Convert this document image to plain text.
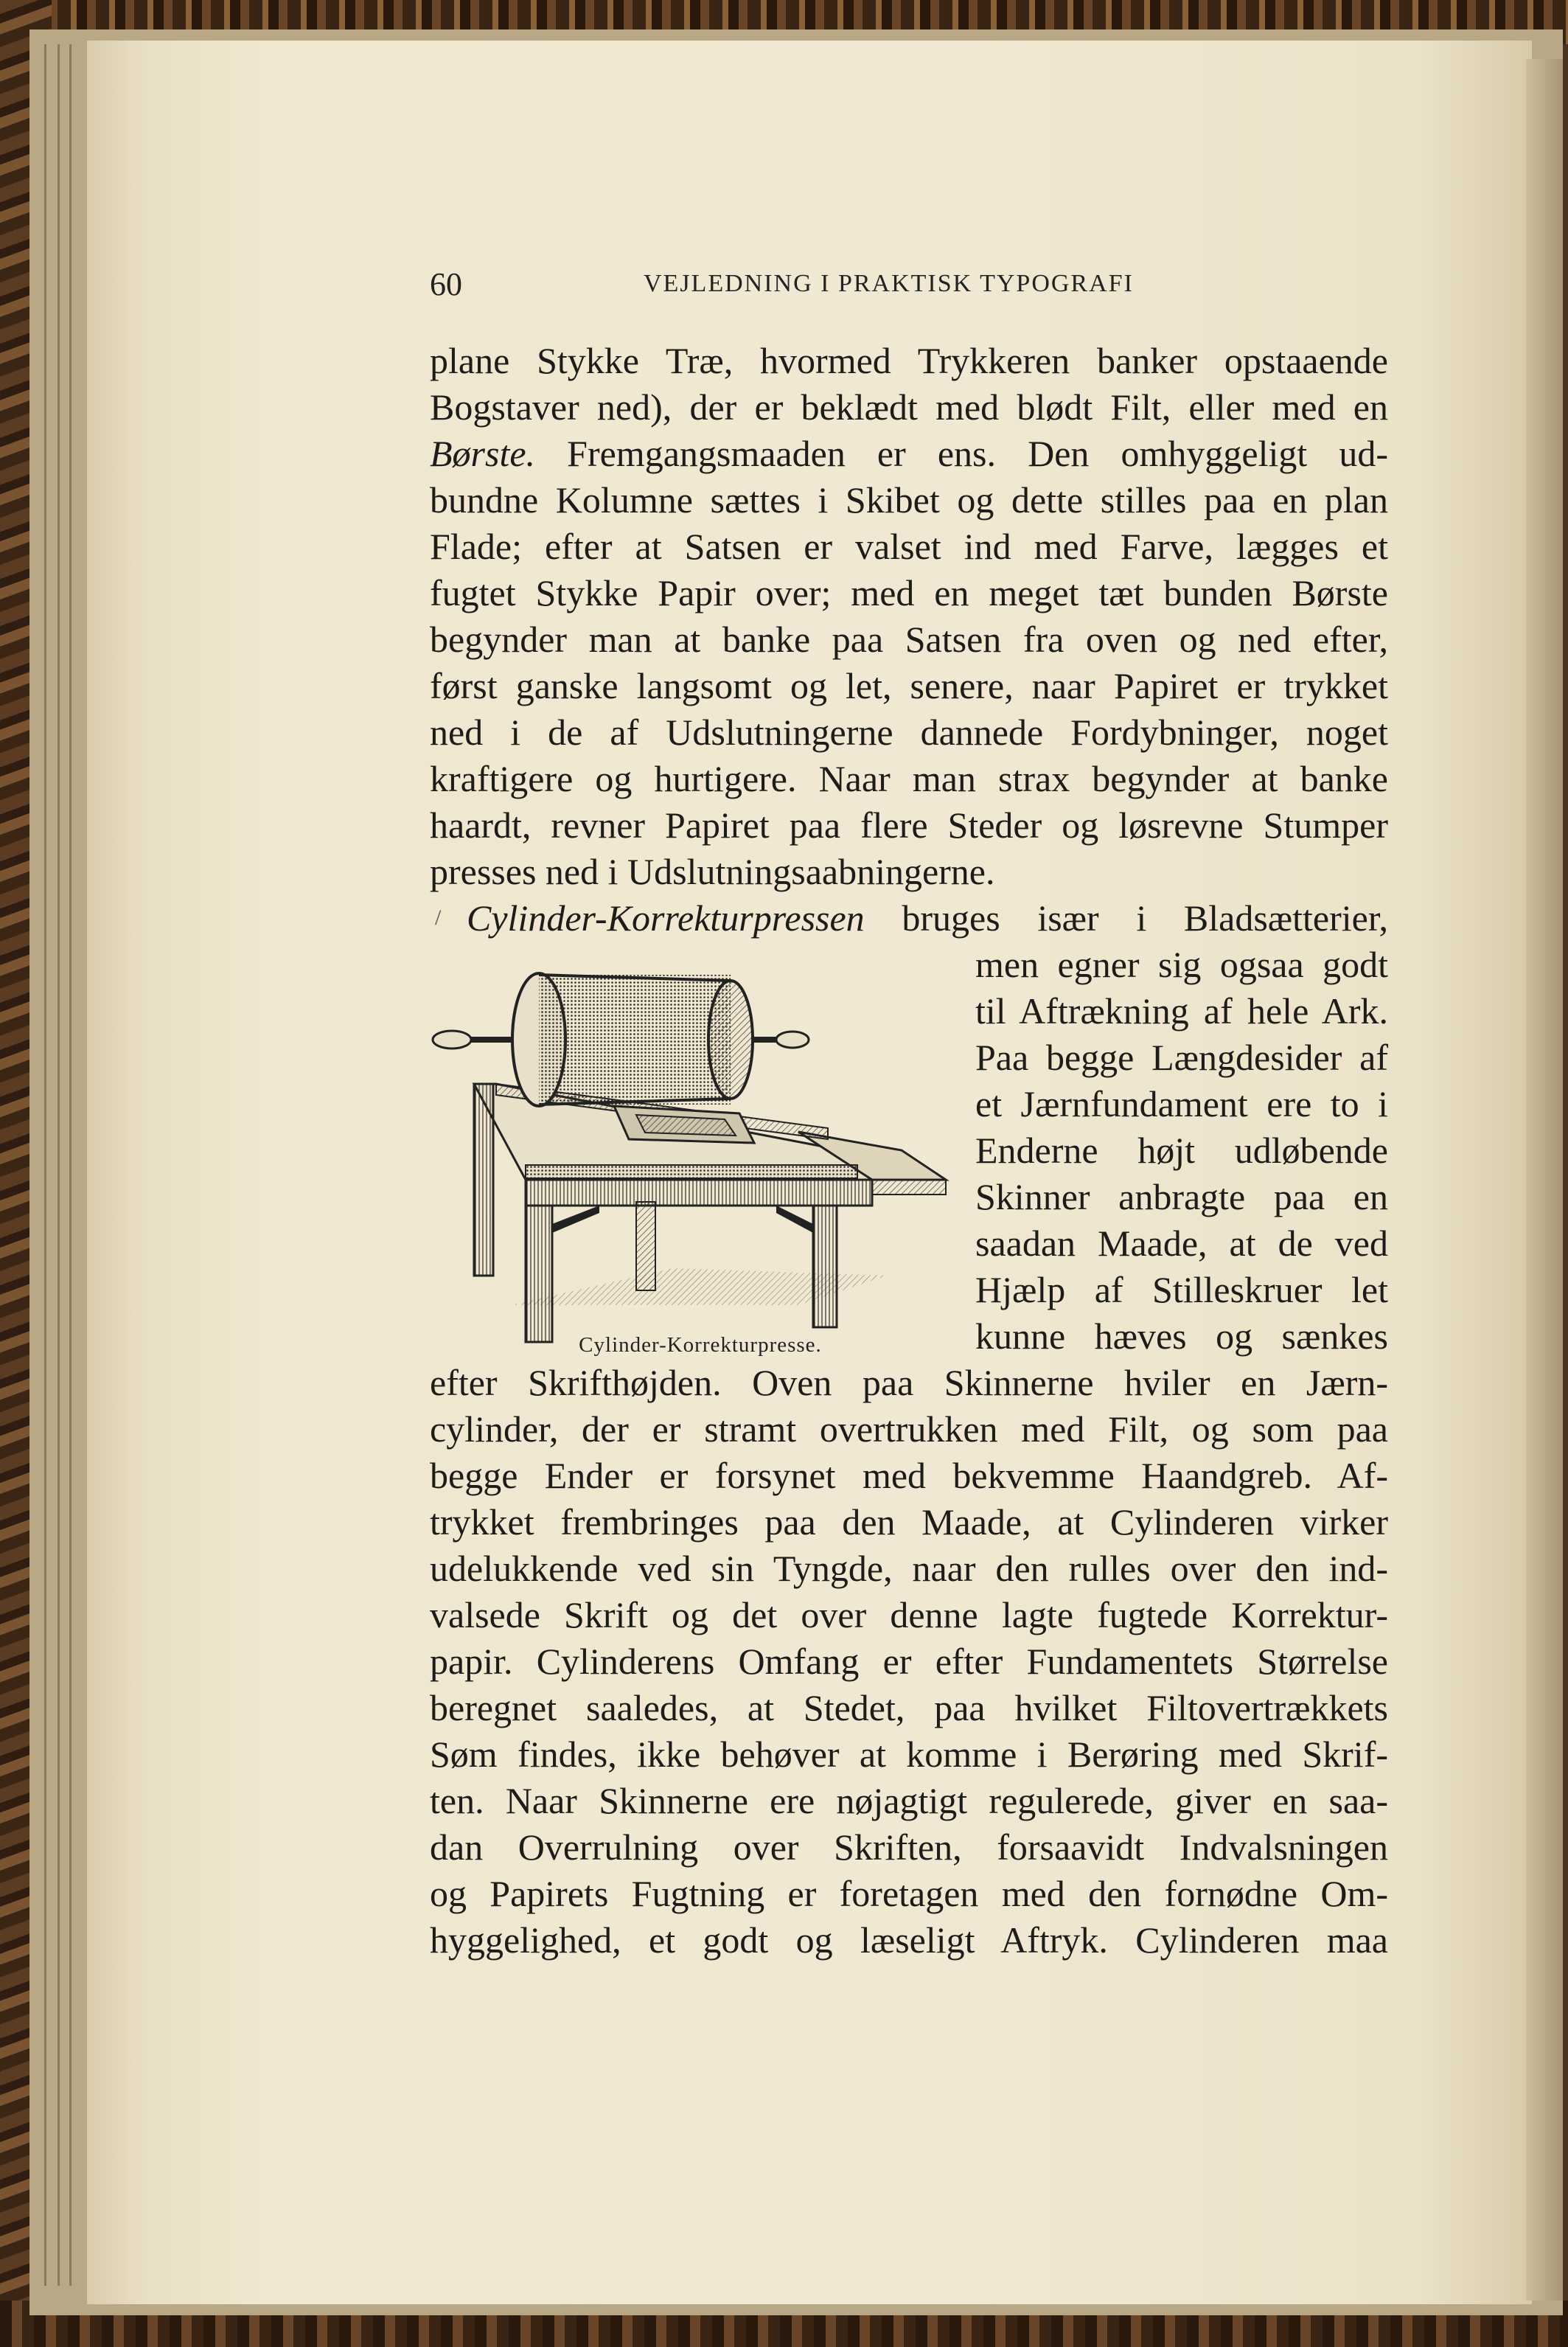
60	VEJLEDNING I PRAKTISK TYPOGRAFI

plane Stykke Træ, hvormed Trykkeren banker opstaaende

Bogstaver ned), der er beklædt med blødt Filt, eller med en

Børste. Fremgangsmaaden er ens. Den omhyggeligt ud-

bundne Kolumne sættes i Skibet og dette stilles paa en plan

Flade; efter at Satsen er valset ind med Farve, lægges et

fugtet Stykke Papir over; med en meget tæt bunden Børste

begynder man at banke paa Satsen fra oven og ned efter,

først ganske langsomt og let, senere, naar Papiret er trykket

ned i de af Udslutningerne dannede Fordybninger, noget

kraftigere og hurtigere. Naar man strax begynder at banke

haardt, revner Papiret paa flere Steder og løsrevne Stumper

presses ned i Udslutningsaabningerne.

/ Cylinder-Korrekturpressen bruges især i Bladsætterier,

men egner sig ogsaa godt

til Aftrækning af hele Ark.

Paa begge Længdesider af

et Jærnfundament ere to i

Enderne højt udløbende

Skinner anbragte paa en

saadan Maade, at de ved

Hjælp af Stilleskruer let

kunne hæves og sænkes

Cylinder-Korrekturpresse.

efter Skrifthøjden. Oven paa Skinnerne hviler en Jærn-

cylinder, der er stramt overtrukken med Filt, og som paa

begge Ender er forsynet med bekvemme Haandgreb. Af-

trykket frembringes paa den Maade, at Cylinderen virker

udelukkende ved sin Tyngde, naar den rulles over den ind-

valsede Skrift og det over denne lagte fugtede Korrektur-

papir. Cylinderens Omfang er efter Fundamentets Størrelse

beregnet saaledes, at Stedet, paa hvilket Filtovertrækkets

Søm findes, ikke behøver at komme i Berøring med Skrif-

ten. Naar Skinnerne ere nøjagtigt regulerede, giver en saa-

dan Overrulning over Skriften, forsaavidt Indvalsningen

og Papirets Fugtning er foretagen med den fornødne Om-

hyggelighed, et godt og læseligt Aftryk. Cylinderen maa
